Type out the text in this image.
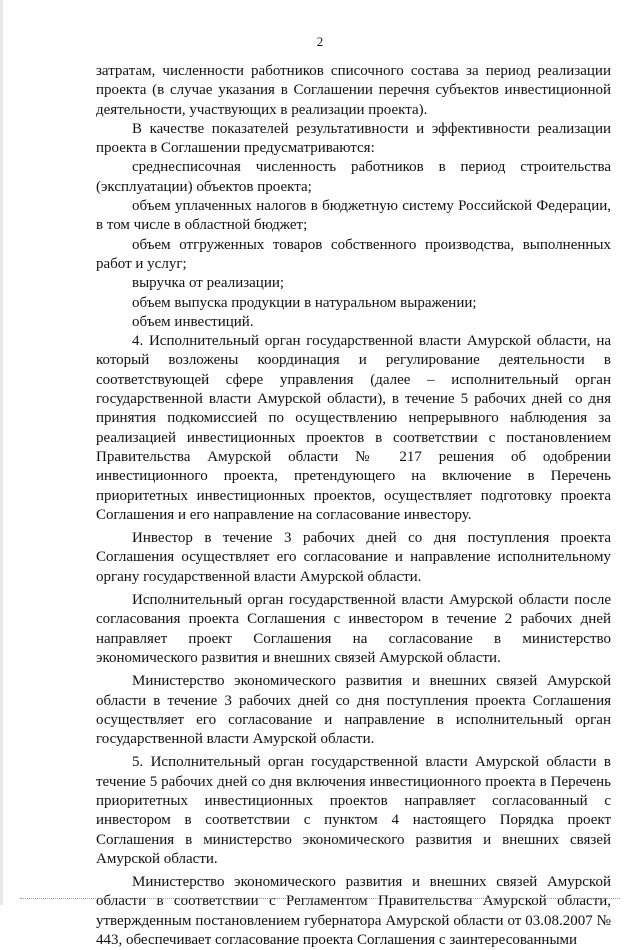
2

затратам, численности работников списочного состава за период реализации проекта (в случае указания в Соглашении перечня субъектов инвестиционной деятельности, участвующих в реализации проекта).

В качестве показателей результативности и эффективности реализации проекта в Соглашении предусматриваются:

среднесписочная численность работников в период строительства (эксплуатации) объектов проекта;

объем уплаченных налогов в бюджетную систему Российской Федерации, в том числе в областной бюджет;

объем отгруженных товаров собственного производства, выполненных работ и услуг;

выручка от реализации;

объем выпуска продукции в натуральном выражении;

объем инвестиций.

4. Исполнительный орган государственной власти Амурской области, на который возложены координация и регулирование деятельности в соответствующей сфере управления (далее – исполнительный орган государственной власти Амурской области), в течение 5 рабочих дней со дня принятия подкомиссией по осуществлению непрерывного наблюдения за реализацией инвестиционных проектов в соответствии с постановлением Правительства Амурской области № 217 решения об одобрении инвестиционного проекта, претендующего на включение в Перечень приоритетных инвестиционных проектов, осуществляет подготовку проекта Соглашения и его направление на согласование инвестору.

Инвестор в течение 3 рабочих дней со дня поступления проекта Соглашения осуществляет его согласование и направление исполнительному органу государственной власти Амурской области.

Исполнительный орган государственной власти Амурской области после согласования проекта Соглашения с инвестором в течение 2 рабочих дней направляет проект Соглашения на согласование в министерство экономического развития и внешних связей Амурской области.

Министерство экономического развития и внешних связей Амурской области в течение 3 рабочих дней со дня поступления проекта Соглашения осуществляет его согласование и направление в исполнительный орган государственной власти Амурской области.

5. Исполнительный орган государственной власти Амурской области в течение 5 рабочих дней со дня включения инвестиционного проекта в Перечень приоритетных инвестиционных проектов направляет согласованный с инвестором в соответствии с пунктом 4 настоящего Порядка проект Соглашения в министерство экономического развития и внешних связей Амурской области.

Министерство экономического развития и внешних связей Амурской области в соответствии с Регламентом Правительства Амурской области, утвержденным постановлением губернатора Амурской области от 03.08.2007 № 443, обеспечивает согласование проекта Соглашения с заинтересованными
